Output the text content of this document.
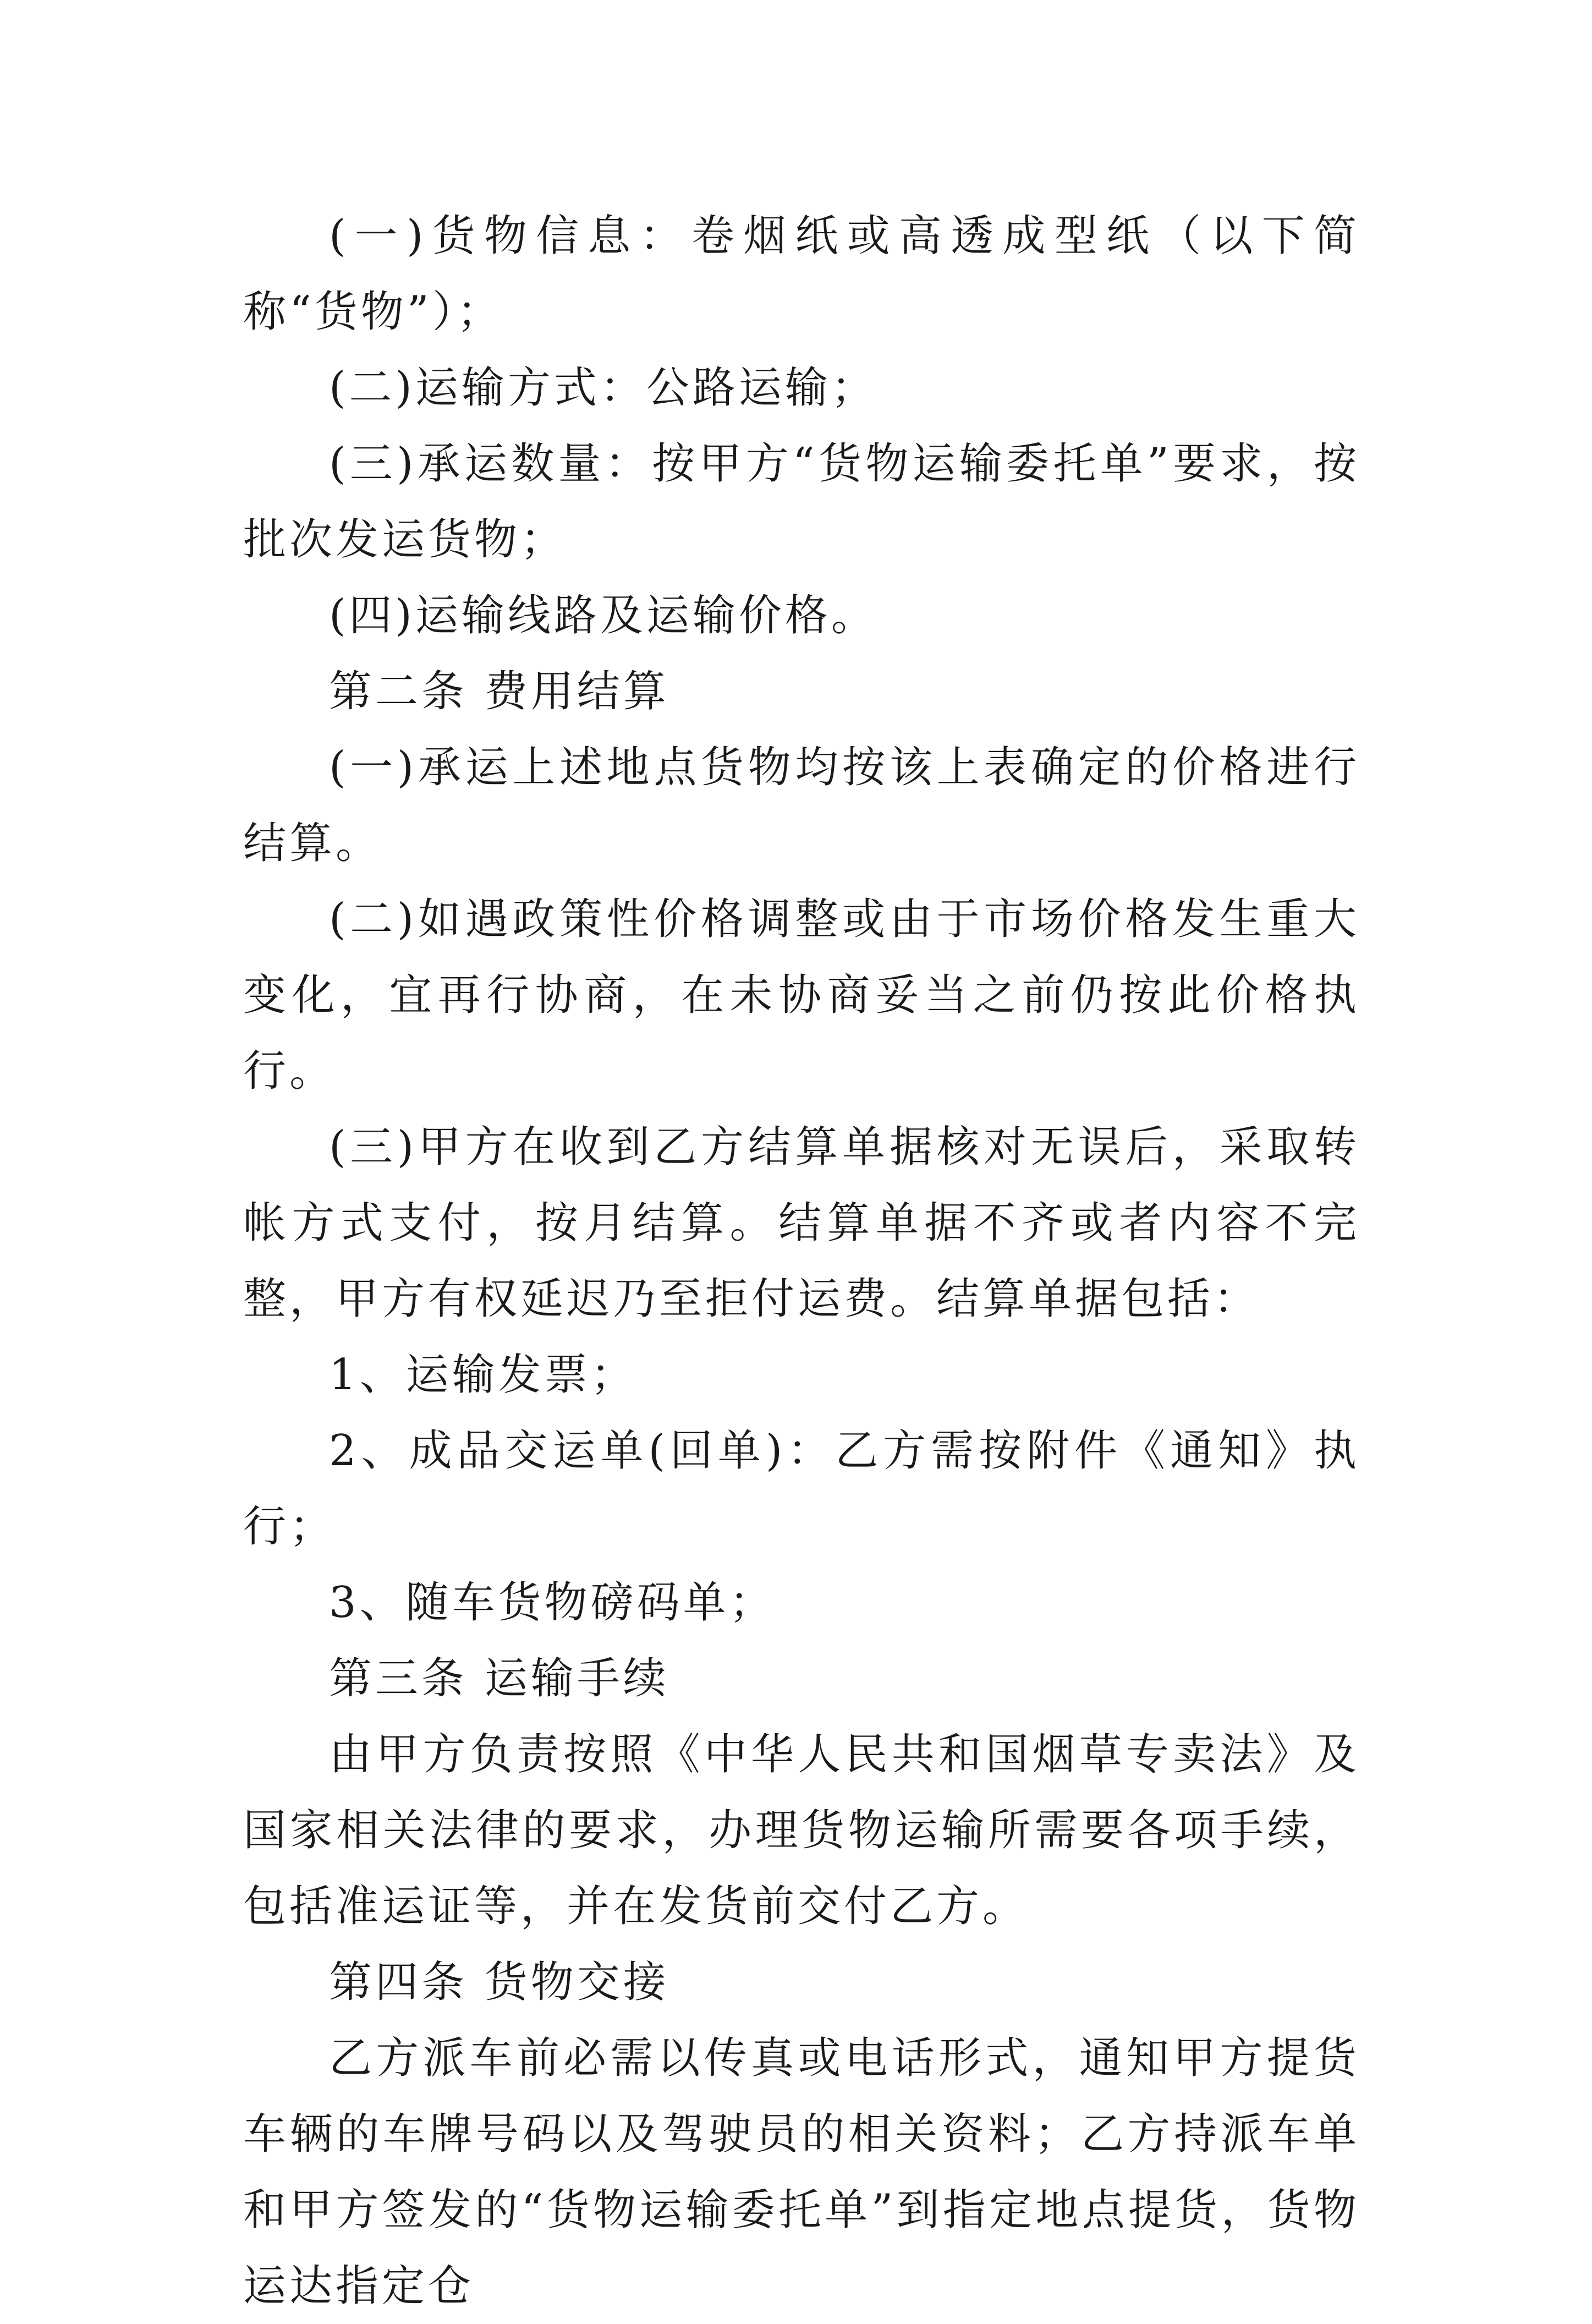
(一)货物信息：卷烟纸或高透成型纸（以下简称“货物”）；

(二)运输方式：公路运输；

(三)承运数量：按甲方“货物运输委托单”要求，按批次发运货物；

(四)运输线路及运输价格。

第二条 费用结算

(一)承运上述地点货物均按该上表确定的价格进行结算。

(二)如遇政策性价格调整或由于市场价格发生重大变化，宜再行协商，在未协商妥当之前仍按此价格执行。

(三)甲方在收到乙方结算单据核对无误后，采取转帐方式支付，按月结算。结算单据不齐或者内容不完整，甲方有权延迟乃至拒付运费。结算单据包括：

1、运输发票；

2、成品交运单(回单)：乙方需按附件《通知》执行；

3、随车货物磅码单；

第三条 运输手续

由甲方负责按照《中华人民共和国烟草专卖法》及国家相关法律的要求，办理货物运输所需要各项手续，包括准运证等，并在发货前交付乙方。

第四条 货物交接

乙方派车前必需以传真或电话形式，通知甲方提货车辆的车牌号码以及驾驶员的相关资料；乙方持派车单和甲方签发的“货物运输委托单”到指定地点提货，货物运达指定仓
